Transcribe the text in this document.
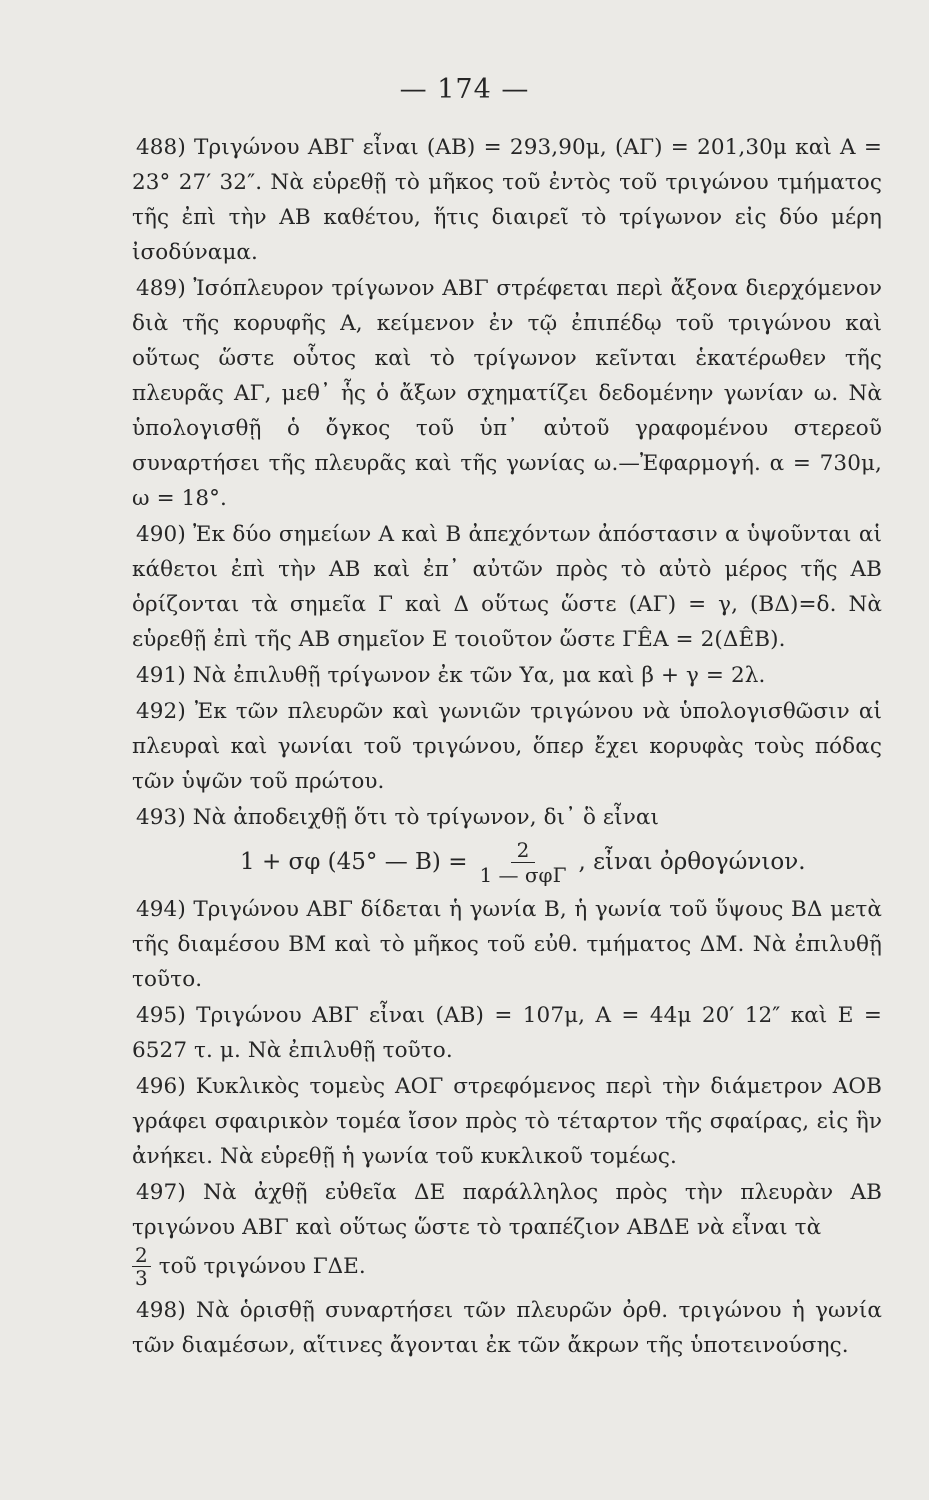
— 174 —

488) Τριγώνου ΑΒΓ εἶναι (ΑΒ) = 293,90μ, (ΑΓ) = 201,30μ καὶ Α = 23° 27′ 32″. Νὰ εὑρεθῇ τὸ μῆκος τοῦ ἐντὸς τοῦ τριγώνου τμήματος τῆς ἐπὶ τὴν ΑΒ καθέτου, ἥτις διαιρεῖ τὸ τρίγωνον εἰς δύο μέρη ἰσοδύναμα.

489) Ἰσόπλευρον τρίγωνον ΑΒΓ στρέφεται περὶ ἄξονα διερχόμενον διὰ τῆς κορυφῆς Α, κείμενον ἐν τῷ ἐπιπέδῳ τοῦ τριγώνου καὶ οὕτως ὥστε οὗτος καὶ τὸ τρίγωνον κεῖνται ἑκατέρωθεν τῆς πλευρᾶς ΑΓ, μεθ᾽ ἧς ὁ ἄξων σχηματίζει δεδομένην γωνίαν ω. Νὰ ὑπολογισθῇ ὁ ὄγκος τοῦ ὑπ᾽ αὐτοῦ γραφομένου στερεοῦ συναρτήσει τῆς πλευρᾶς καὶ τῆς γωνίας ω.—Ἐφαρμογή. α = 730μ, ω = 18°.

490) Ἐκ δύο σημείων Α καὶ Β ἀπεχόντων ἀπόστασιν α ὑψοῦνται αἱ κάθετοι ἐπὶ τὴν ΑΒ καὶ ἐπ᾽ αὐτῶν πρὸς τὸ αὐτὸ μέρος τῆς ΑΒ ὁρίζονται τὰ σημεῖα Γ καὶ Δ οὕτως ὥστε (ΑΓ) = γ, (ΒΔ)=δ. Νὰ εὑρεθῇ ἐπὶ τῆς ΑΒ σημεῖον Ε τοιοῦτον ὥστε ΓÊΑ = 2(ΔÊΒ).

491) Νὰ ἐπιλυθῇ τρίγωνον ἐκ τῶν Υα, μα καὶ β + γ = 2λ.

492) Ἐκ τῶν πλευρῶν καὶ γωνιῶν τριγώνου νὰ ὑπολογισθῶσιν αἱ πλευραὶ καὶ γωνίαι τοῦ τριγώνου, ὅπερ ἔχει κορυφὰς τοὺς πόδας τῶν ὑψῶν τοῦ πρώτου.

493) Νὰ ἀποδειχθῇ ὅτι τὸ τρίγωνον, δι᾽ ὃ εἶναι

1 + σφ (45° — $B) = \frac{2}{\text{1 — σφΓ}}$ , εἶναι ὀρθογώνιον.

494) Τριγώνου ΑΒΓ δίδεται ἡ γωνία Β, ἡ γωνία τοῦ ὕψους ΒΔ μετὰ τῆς διαμέσου ΒΜ καὶ τὸ μῆκος τοῦ εὐθ. τμήματος ΔΜ. Νὰ ἐπιλυθῇ τοῦτο.

495) Τριγώνου ΑΒΓ εἶναι (ΑΒ) = 107μ, Α = 44μ 20′ 12″ καὶ Ε = 6527 τ. μ. Νὰ ἐπιλυθῇ τοῦτο.

496) Κυκλικὸς τομεὺς ΑΟΓ στρεφόμενος περὶ τὴν διάμετρον ΑΟΒ γράφει σφαιρικὸν τομέα ἴσον πρὸς τὸ τέταρτον τῆς σφαίρας, εἰς ἣν ἀνήκει. Νὰ εὑρεθῇ ἡ γωνία τοῦ κυκλικοῦ τομέως.

497) Νὰ ἀχθῇ εὐθεῖα ΔΕ παράλληλος πρὸς τὴν πλευρὰν ΑΒ τριγώνου ΑΒΓ καὶ οὕτως ὥστε τὸ τραπέζιον ΑΒΔΕ νὰ εἶναι τὰ

$\frac{2}{3}$ τοῦ τριγώνου ΓΔΕ.

498) Νὰ ὁρισθῇ συναρτήσει τῶν πλευρῶν ὀρθ. τριγώνου ἡ γωνία τῶν διαμέσων, αἵτινες ἄγονται ἐκ τῶν ἄκρων τῆς ὑποτεινούσης.
